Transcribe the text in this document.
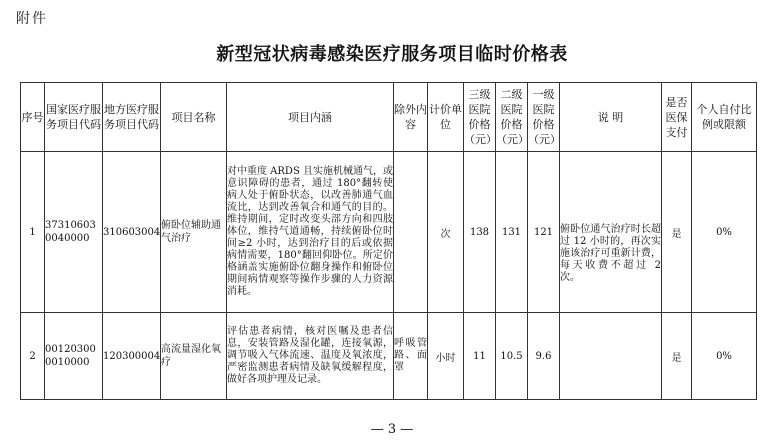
附件
新型冠状病毒感染医疗服务项目临时价格表
序号	国家医疗服务项目代码	地方医疗服务项目代码	项目名称	项目内涵	除外内容	计价单位	三级医院价格（元）	二级医院价格（元）	一级医院价格（元）	说 明	是否医保支付	个人自付比例或限额
1	373106030040000	310603004	俯卧位辅助通气治疗	对中重度 ARDS 且实施机械通气，或意识障碍的患者，通过 180°翻转使病人处于俯卧状态，以改善肺通气血流比，达到改善氧合和通气的目的。维持期间，定时改变头部方向和四肢体位，维持气道通畅，持续俯卧位时间≥2 小时，达到治疗目的后或依据病情需要，180°翻回仰卧位。所定价格涵盖实施俯卧位翻身操作和俯卧位期间病情观察等操作步骤的人力资源消耗。		次	138	131	121	俯卧位通气治疗时长超过 12 小时的，再次实施该治疗可重新计费，每天收费不超过 2 次。	是	0%
2	001203000010000	120300004	高流量湿化氧疗	评估患者病情，核对医嘱及患者信息，安装管路及湿化罐，连接氧源，调节吸入气体流速、温度及氧浓度，严密监测患者病情及缺氧缓解程度，做好各项护理及记录。	呼吸管路、面罩	小时	11	10.5	9.6		是	0%
— 3 —
